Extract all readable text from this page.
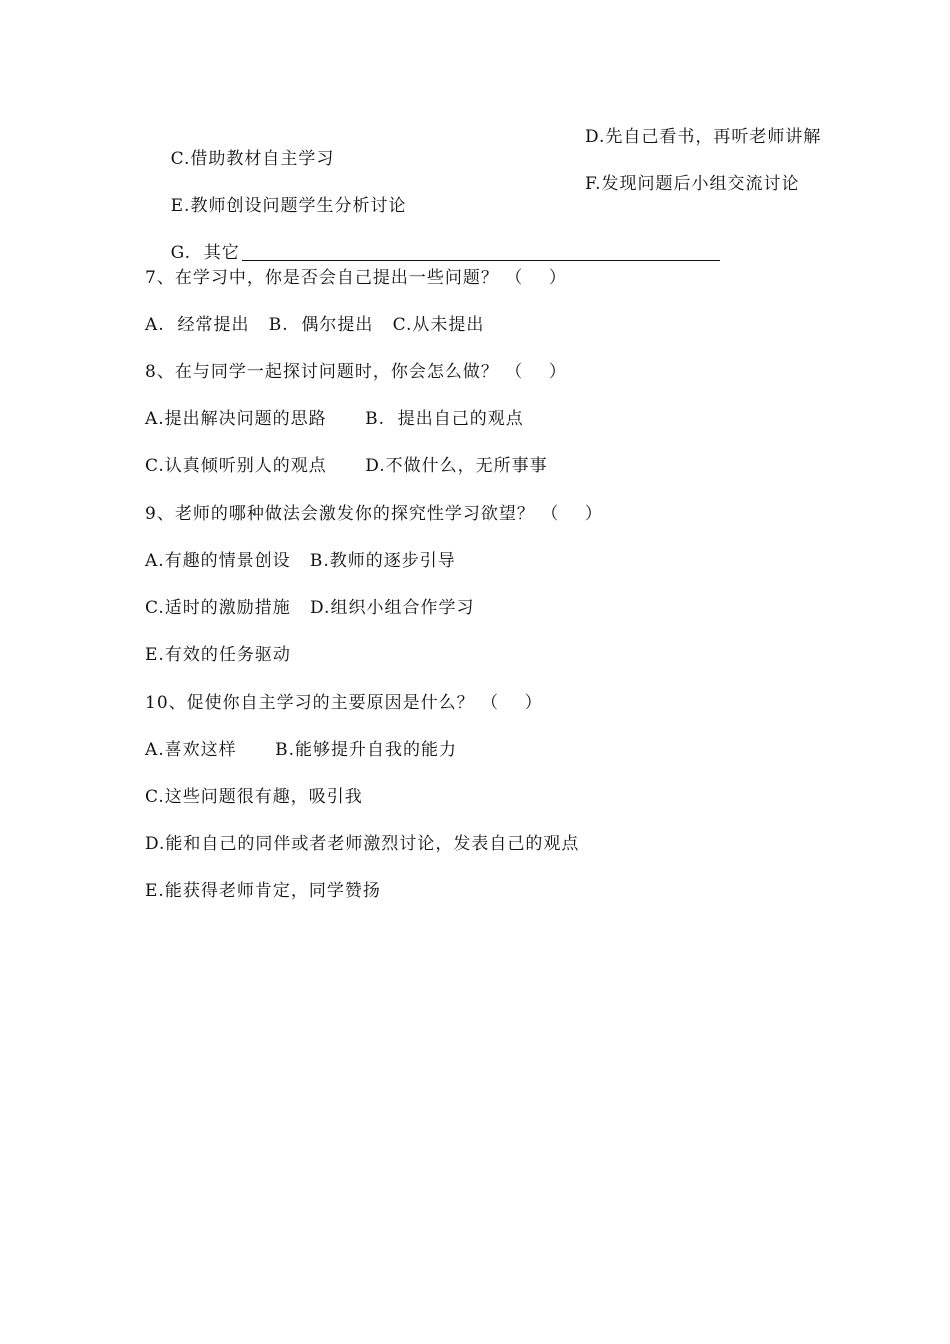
C.借助教材自主学习
D.先自己看书，再听老师讲解

E.教师创设问题学生分析讨论
F.发现问题后小组交流讨论

G.  其它

7、在学习中，你是否会自己提出一些问题？ （    ）
A.  经常提出   B.  偶尔提出   C.从未提出
8、在与同学一起探讨问题时，你会怎么做？ （    ）
A.提出解决问题的思路      B.  提出自己的观点
C.认真倾听别人的观点      D.不做什么，无所事事
9、老师的哪种做法会激发你的探究性学习欲望？ （    ）
A.有趣的情景创设   B.教师的逐步引导
C.适时的激励措施   D.组织小组合作学习
E.有效的任务驱动
10、促使你自主学习的主要原因是什么？ （    ）
A.喜欢这样      B.能够提升自我的能力
C.这些问题很有趣，吸引我
D.能和自己的同伴或者老师激烈讨论，发表自己的观点
E.能获得老师肯定，同学赞扬
